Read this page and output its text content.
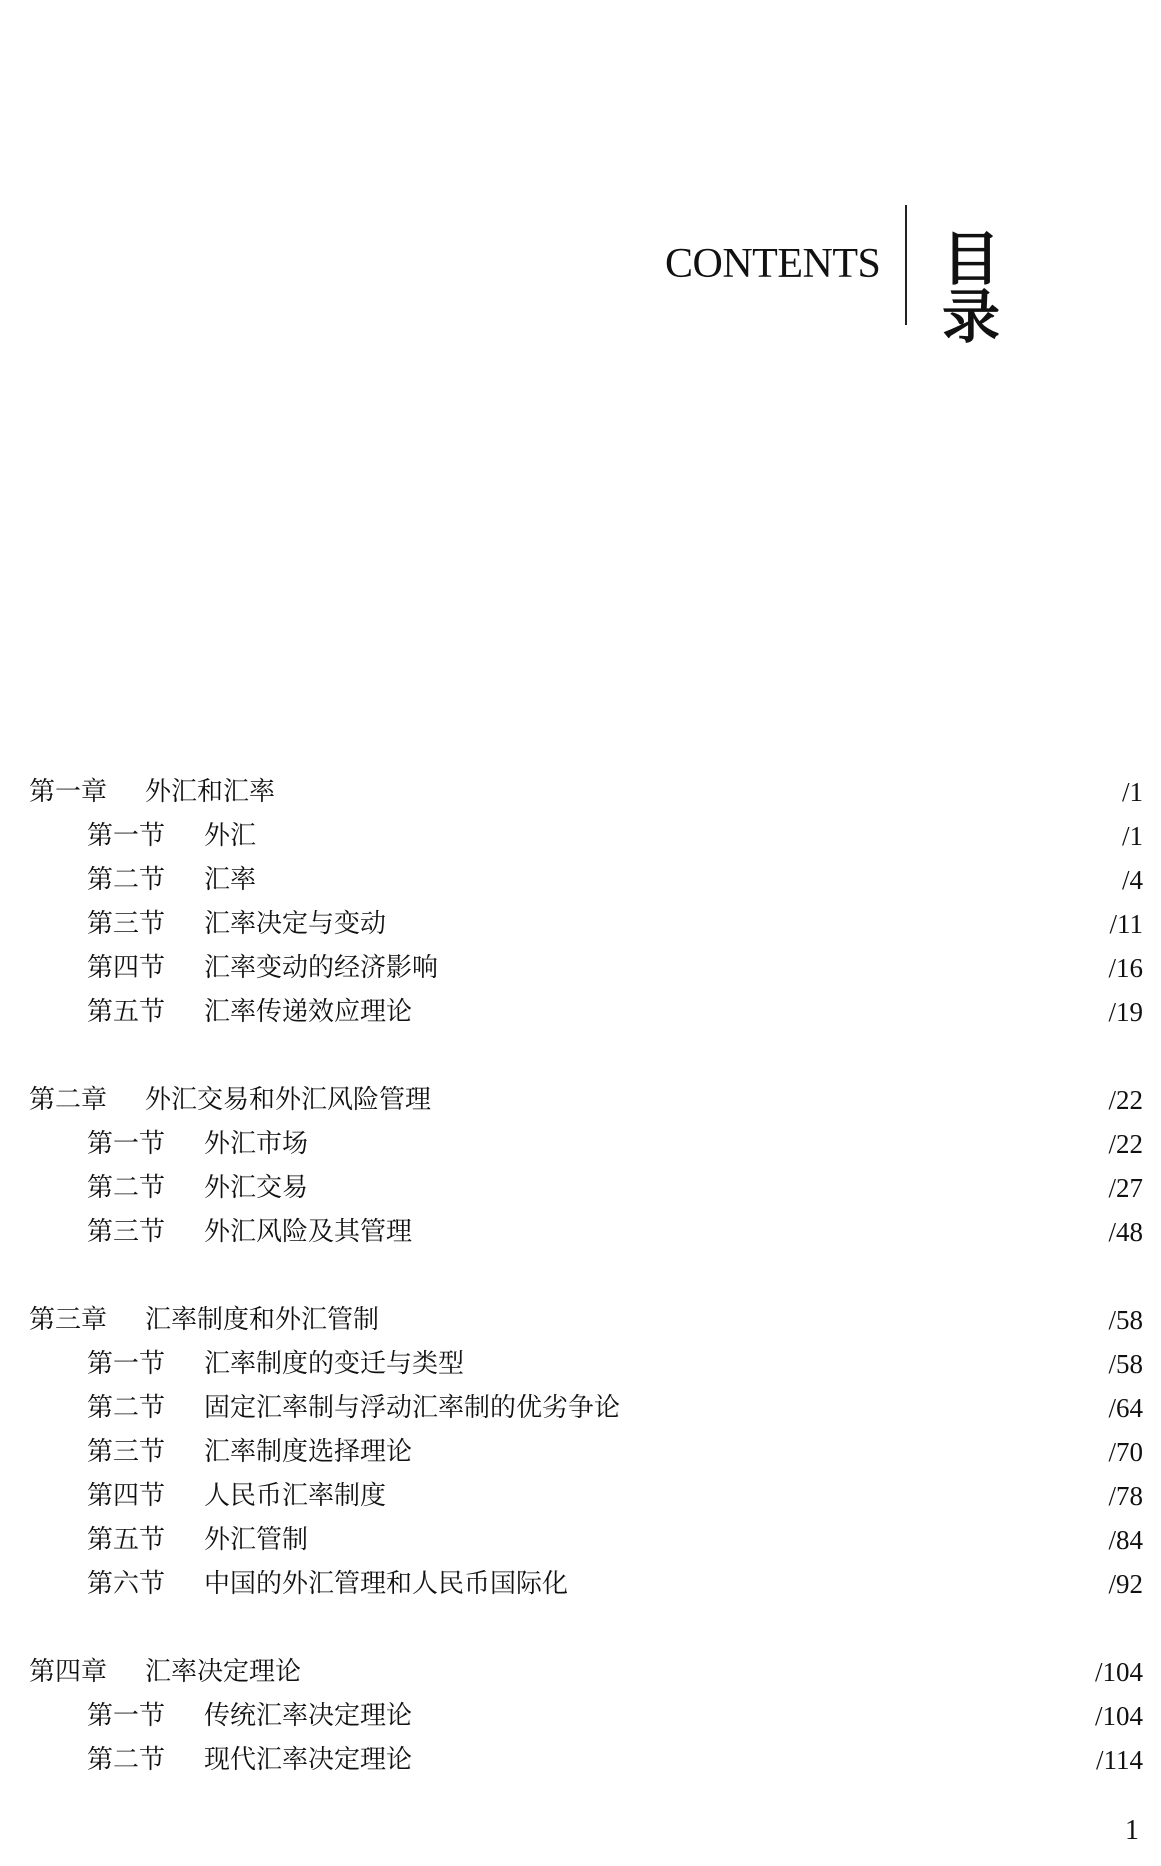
CONTENTS 目录
第一章 外汇和汇率	/1
第一节 外汇	/1
第二节 汇率	/4
第三节 汇率决定与变动	/11
第四节 汇率变动的经济影响	/16
第五节 汇率传递效应理论	/19
第二章 外汇交易和外汇风险管理	/22
第一节 外汇市场	/22
第二节 外汇交易	/27
第三节 外汇风险及其管理	/48
第三章 汇率制度和外汇管制	/58
第一节 汇率制度的变迁与类型	/58
第二节 固定汇率制与浮动汇率制的优劣争论	/64
第三节 汇率制度选择理论	/70
第四节 人民币汇率制度	/78
第五节 外汇管制	/84
第六节 中国的外汇管理和人民币国际化	/92
第四章 汇率决定理论	/104
第一节 传统汇率决定理论	/104
第二节 现代汇率决定理论	/114
1
